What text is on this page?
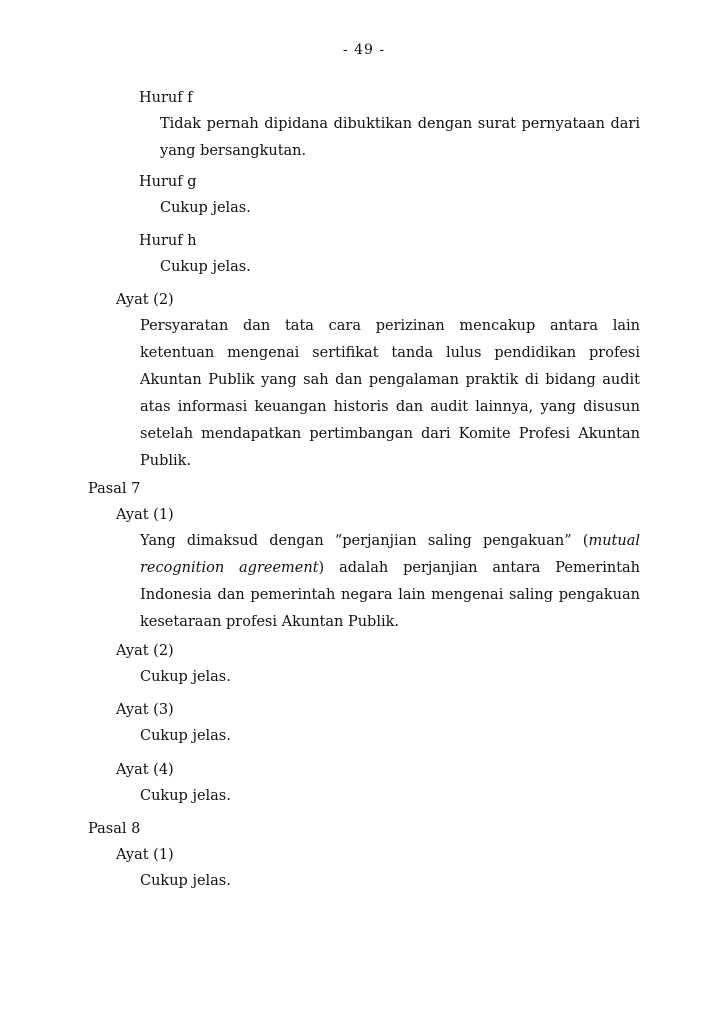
- 49 -
Huruf f
Tidak pernah dipidana dibuktikan dengan surat pernyataan dari
yang bersangkutan.
Huruf g
Cukup jelas.
Huruf h
Cukup jelas.
Ayat (2)
Persyaratan dan tata cara perizinan mencakup antara lain
ketentuan mengenai sertifikat tanda lulus pendidikan profesi
Akuntan Publik yang sah dan pengalaman praktik di bidang audit
atas informasi keuangan historis dan audit lainnya, yang disusun
setelah mendapatkan pertimbangan dari Komite Profesi Akuntan
Publik.
Pasal 7
Ayat (1)
Yang dimaksud dengan “perjanjian saling pengakuan” (mutual
recognition agreement) adalah perjanjian antara Pemerintah
Indonesia dan pemerintah negara lain mengenai saling pengakuan
kesetaraan profesi Akuntan Publik.
Ayat (2)
Cukup jelas.
Ayat (3)
Cukup jelas.
Ayat (4)
Cukup jelas.
Pasal 8
Ayat (1)
Cukup jelas.
